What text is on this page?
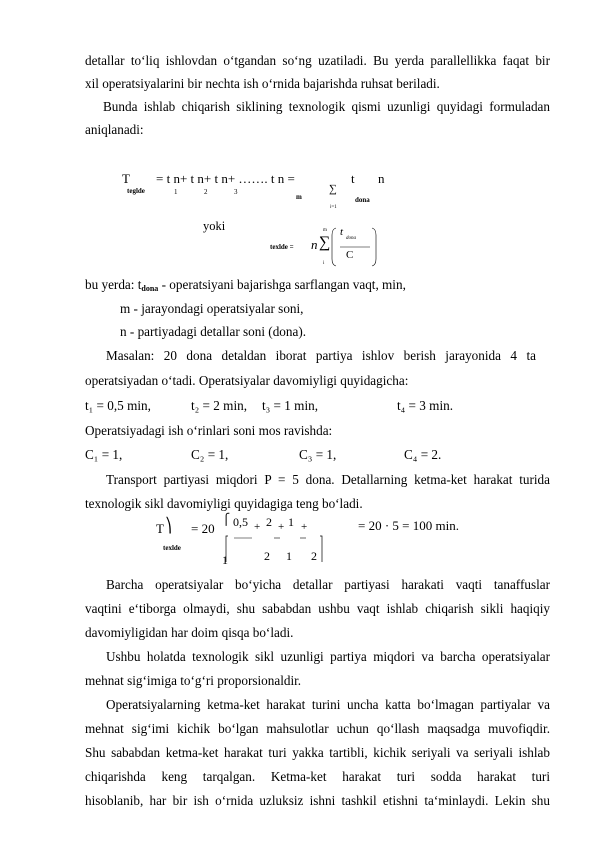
detallar to‘liq ishlovdan o‘tgandan so‘ng uzatiladi. Bu yerda parallellikka faqat bir
xil operatsiyalarini bir nechta ish o‘rnida bajarishda ruhsat beriladi.
Bunda ishlab chiqarish siklining texnologik qismi uzunligi quyidagi formuladan
aniqlanadi:
T
teglde
= t n+ t n+ t n+ ……. t n =
1	2	3
m
∑
i=1
t n
dona
yoki
texlde = n
m
∑
i
t
dona
C
bu yerda: $t_{dona}$ - operatsiyani bajarishga sarflangan vaqt, min,
m - jarayondagi operatsiyalar soni,
n - partiyadagi detallar soni (dona).
Masalan: 20 dona detaldan iborat partiya ishlov berish jarayonida 4 ta
operatsiyadan o‘tadi. Operatsiyalar davomiyligi quyidagicha:
t₁ = 0,5 min,	t₂ = 2 min,	t₃ = 1 min,	t₄ = 3 min.
Operatsiyadagi ish o‘rinlari soni mos ravishda:
C₁ = 1,	C₂ = 1,	C₃ = 1,	C₄ = 2.
Transport partiyasi miqdori P = 5 dona. Detallarning ketma-ket harakat turida
texnologik sikl davomiyligi quyidagiga teng bo‘ladi.
T ⎞
texlde
= 20
⎧ 0,5 + 2 + 1 +
1	2 1 2
= 20 · 5 = 100 min.
Barcha operatsiyalar bo‘yicha detallar partiyasi harakati vaqti tanaffuslar
vaqtini e‘tiborga olmaydi, shu sababdan ushbu vaqt ishlab chiqarish sikli haqiqiy
davomiyligidan har doim qisqa bo‘ladi.
Ushbu holatda texnologik sikl uzunligi partiya miqdori va barcha operatsiyalar
mehnat sig‘imiga to‘g‘ri proporsionaldir.
Operatsiyalarning ketma-ket harakat turini uncha katta bo‘lmagan partiyalar va
mehnat sig‘imi kichik bo‘lgan mahsulotlar uchun qo‘llash maqsadga muvofiqdir.
Shu sababdan ketma-ket harakat turi yakka tartibli, kichik seriyali va seriyali ishlab
chiqarishda keng tarqalgan. Ketma-ket harakat turi sodda harakat turi
hisoblanib, har bir ish o‘rnida uzluksiz ishni tashkil etishni ta‘minlaydi. Lekin shu
